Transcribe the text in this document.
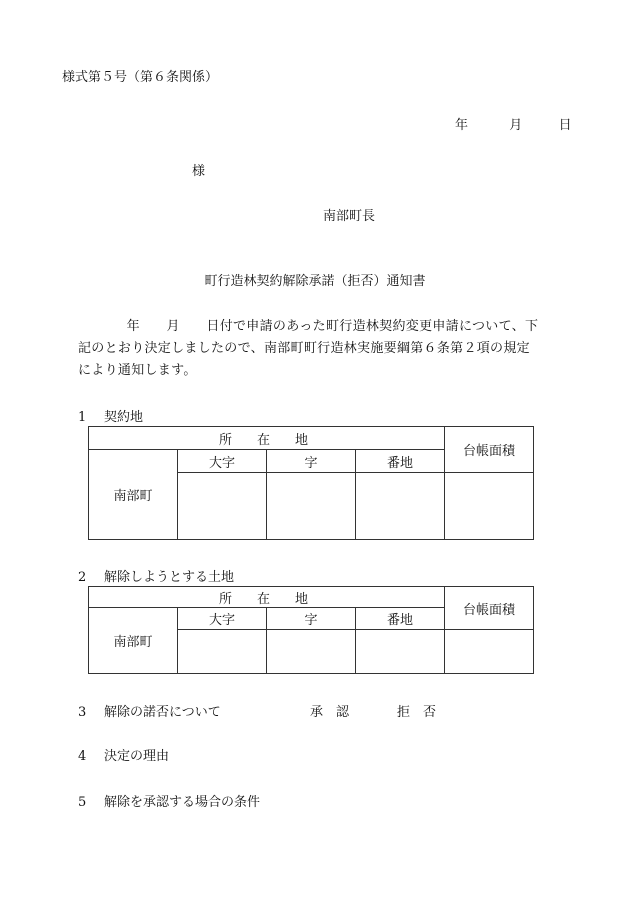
様式第５号（第６条関係）
年	月	日
様
南部町長
町行造林契約解除承諾（拒否）通知書

　　年　　月　　日付で申請のあった町行造林契約変更申請について、下

記のとおり決定しましたので、南部町町行造林実施要綱第６条第２項の規定

により通知します。

1 契約地
所　在　地				台帳面積
南部町	大字	字	番地	

2 解除しようとする土地
所　在　地				台帳面積
南部町	大字	字	番地	

3 解除の諾否について	承　認	拒　否
4 決定の理由
5 解除を承認する場合の条件
